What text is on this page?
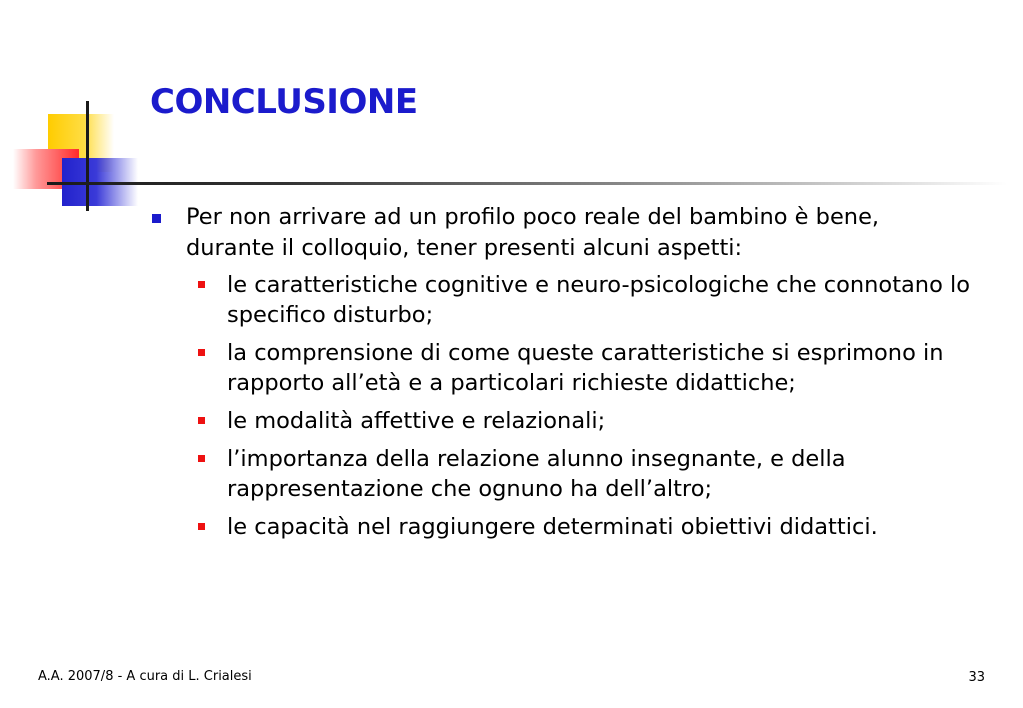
CONCLUSIONE
Per non arrivare ad un profilo poco reale del bambino è bene, durante il colloquio, tener presenti alcuni aspetti:
le caratteristiche cognitive e neuro-psicologiche che connotano lo specifico disturbo;
la comprensione di come queste caratteristiche si esprimono in rapporto all’età e a particolari richieste didattiche;
le modalità affettive e relazionali;
l’importanza della relazione alunno insegnante, e della rappresentazione che ognuno ha dell’altro;
le capacità nel raggiungere determinati obiettivi didattici.
A.A. 2007/8 - A cura di L. Crialesi	33
